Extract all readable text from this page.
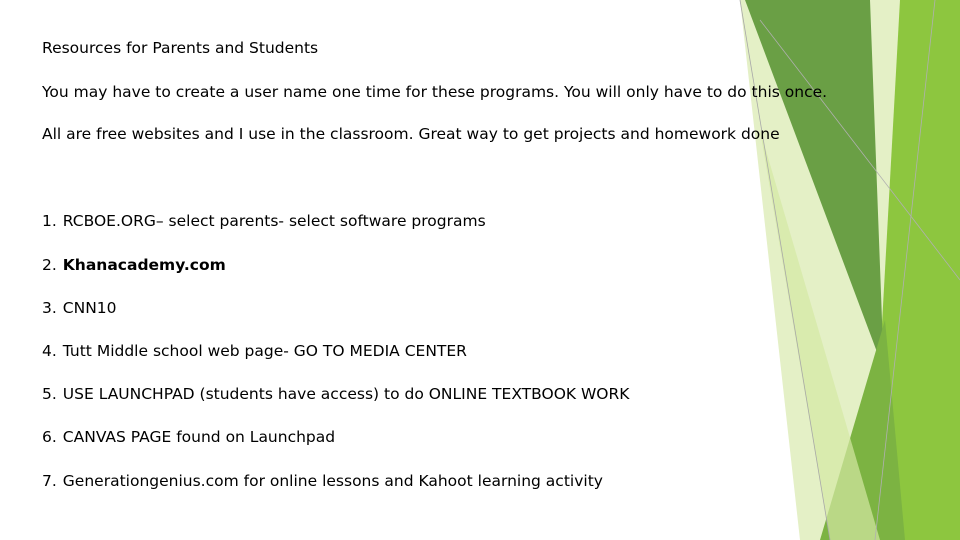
Resources for Parents and Students

You may have to create a user name one time for these programs. You will only have to do this once.

All are free websites and I use in the classroom. Great way to get projects and homework done

1. RCBOE.ORG– select parents- select software programs

2. Khanacademy.com

3. CNN10

4. Tutt Middle school web page- GO TO MEDIA CENTER

5. USE LAUNCHPAD (students have access) to do ONLINE TEXTBOOK WORK

6. CANVAS PAGE found on Launchpad

7. Generationgenius.com for online lessons and Kahoot learning activity
